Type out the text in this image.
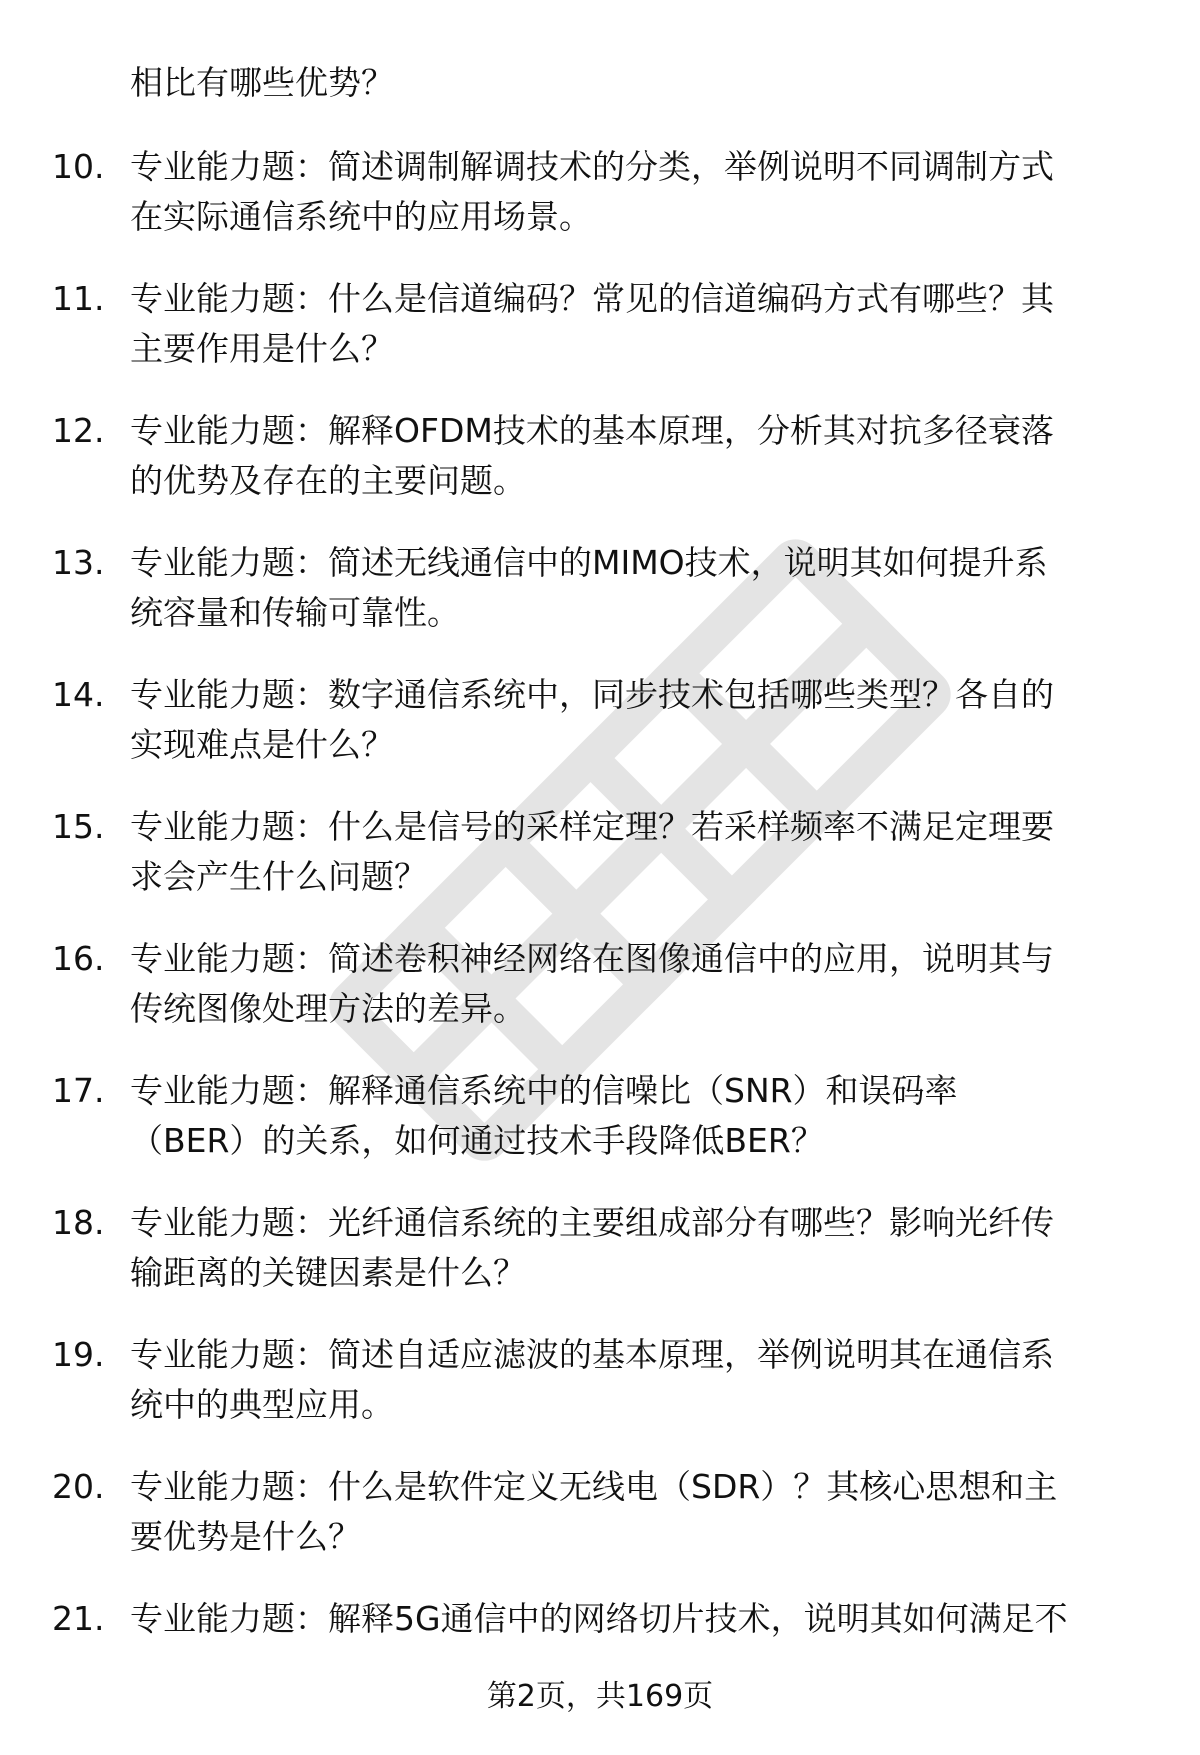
相比有哪些优势？
10. 专业能力题：简述调制解调技术的分类，举例说明不同调制方式
在实际通信系统中的应用场景。
11. 专业能力题：什么是信道编码？常见的信道编码方式有哪些？其
主要作用是什么？
12. 专业能力题：解释OFDM技术的基本原理，分析其对抗多径衰落
的优势及存在的主要问题。
13. 专业能力题：简述无线通信中的MIMO技术，说明其如何提升系
统容量和传输可靠性。
14. 专业能力题：数字通信系统中，同步技术包括哪些类型？各自的
实现难点是什么？
15. 专业能力题：什么是信号的采样定理？若采样频率不满足定理要
求会产生什么问题？
16. 专业能力题：简述卷积神经网络在图像通信中的应用，说明其与
传统图像处理方法的差异。
17. 专业能力题：解释通信系统中的信噪比（SNR）和误码率
（BER）的关系，如何通过技术手段降低BER？
18. 专业能力题：光纤通信系统的主要组成部分有哪些？影响光纤传
输距离的关键因素是什么？
19. 专业能力题：简述自适应滤波的基本原理，举例说明其在通信系
统中的典型应用。
20. 专业能力题：什么是软件定义无线电（SDR）？其核心思想和主
要优势是什么？
21. 专业能力题：解释5G通信中的网络切片技术，说明其如何满足不
第2页，共169页
